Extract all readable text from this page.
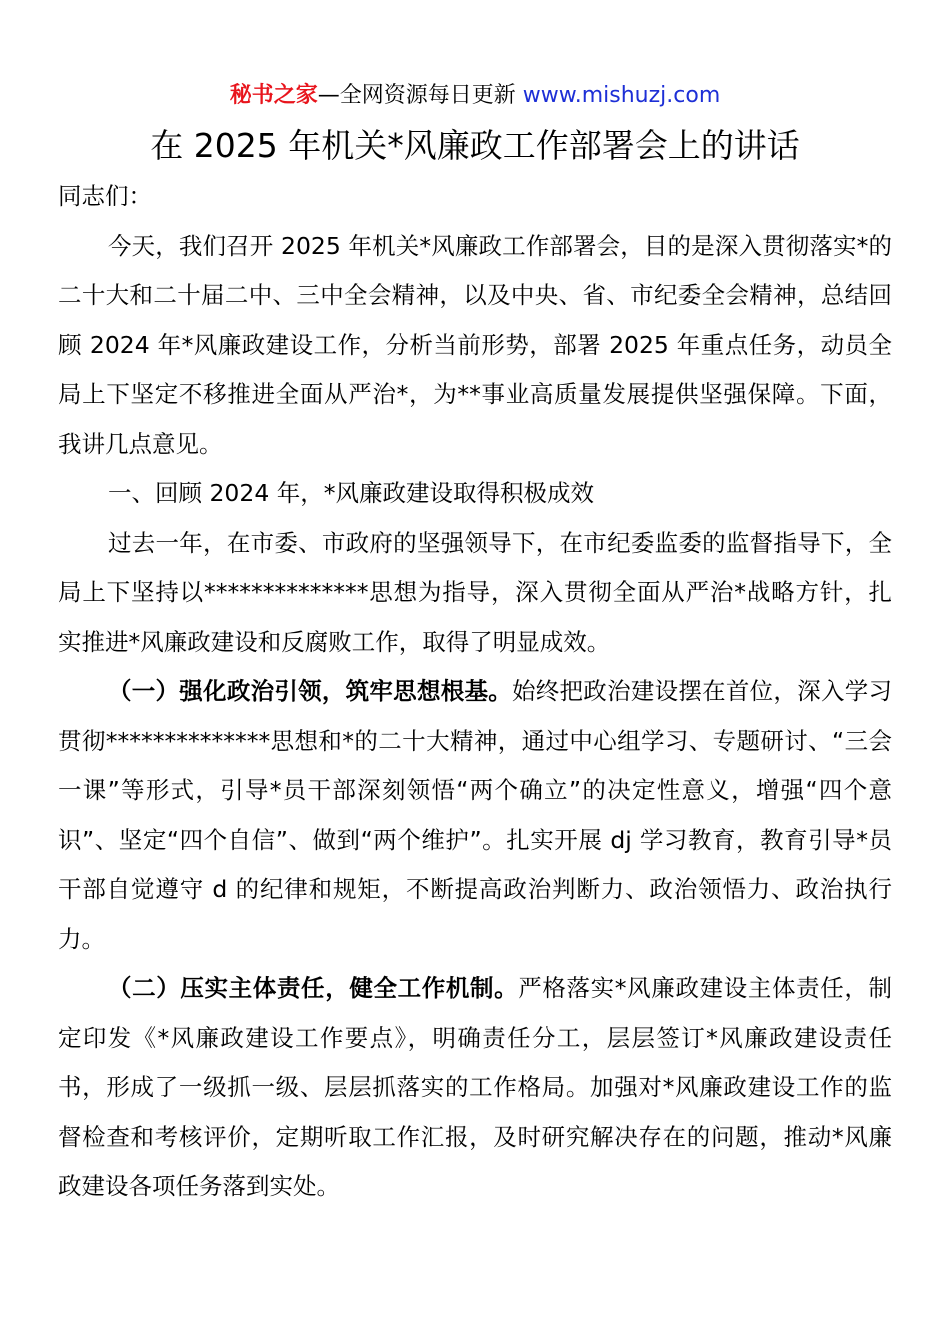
秘书之家—全网资源每日更新 www.mishuzj.com
在 2025 年机关*风廉政工作部署会上的讲话

同志们：

今天，我们召开 2025 年机关*风廉政工作部署会，目的是深入贯彻落实*的二十大和二十届二中、三中全会精神，以及中央、省、市纪委全会精神，总结回顾 2024 年*风廉政建设工作，分析当前形势，部署 2025 年重点任务，动员全局上下坚定不移推进全面从严治*，为**事业高质量发展提供坚强保障。下面，我讲几点意见。

一、回顾 2024 年，*风廉政建设取得积极成效

过去一年，在市委、市政府的坚强领导下，在市纪委监委的监督指导下，全局上下坚持以**************思想为指导，深入贯彻全面从严治*战略方针，扎实推进*风廉政建设和反腐败工作，取得了明显成效。

（一）强化政治引领，筑牢思想根基。始终把政治建设摆在首位，深入学习贯彻**************思想和*的二十大精神，通过中心组学习、专题研讨、“三会一课”等形式，引导*员干部深刻领悟“两个确立”的决定性意义，增强“四个意识”、坚定“四个自信”、做到“两个维护”。扎实开展 dj 学习教育，教育引导*员干部自觉遵守 d 的纪律和规矩，不断提高政治判断力、政治领悟力、政治执行力。

（二）压实主体责任，健全工作机制。严格落实*风廉政建设主体责任，制定印发《*风廉政建设工作要点》，明确责任分工，层层签订*风廉政建设责任书，形成了一级抓一级、层层抓落实的工作格局。加强对*风廉政建设工作的监督检查和考核评价，定期听取工作汇报，及时研究解决存在的问题，推动*风廉政建设各项任务落到实处。
